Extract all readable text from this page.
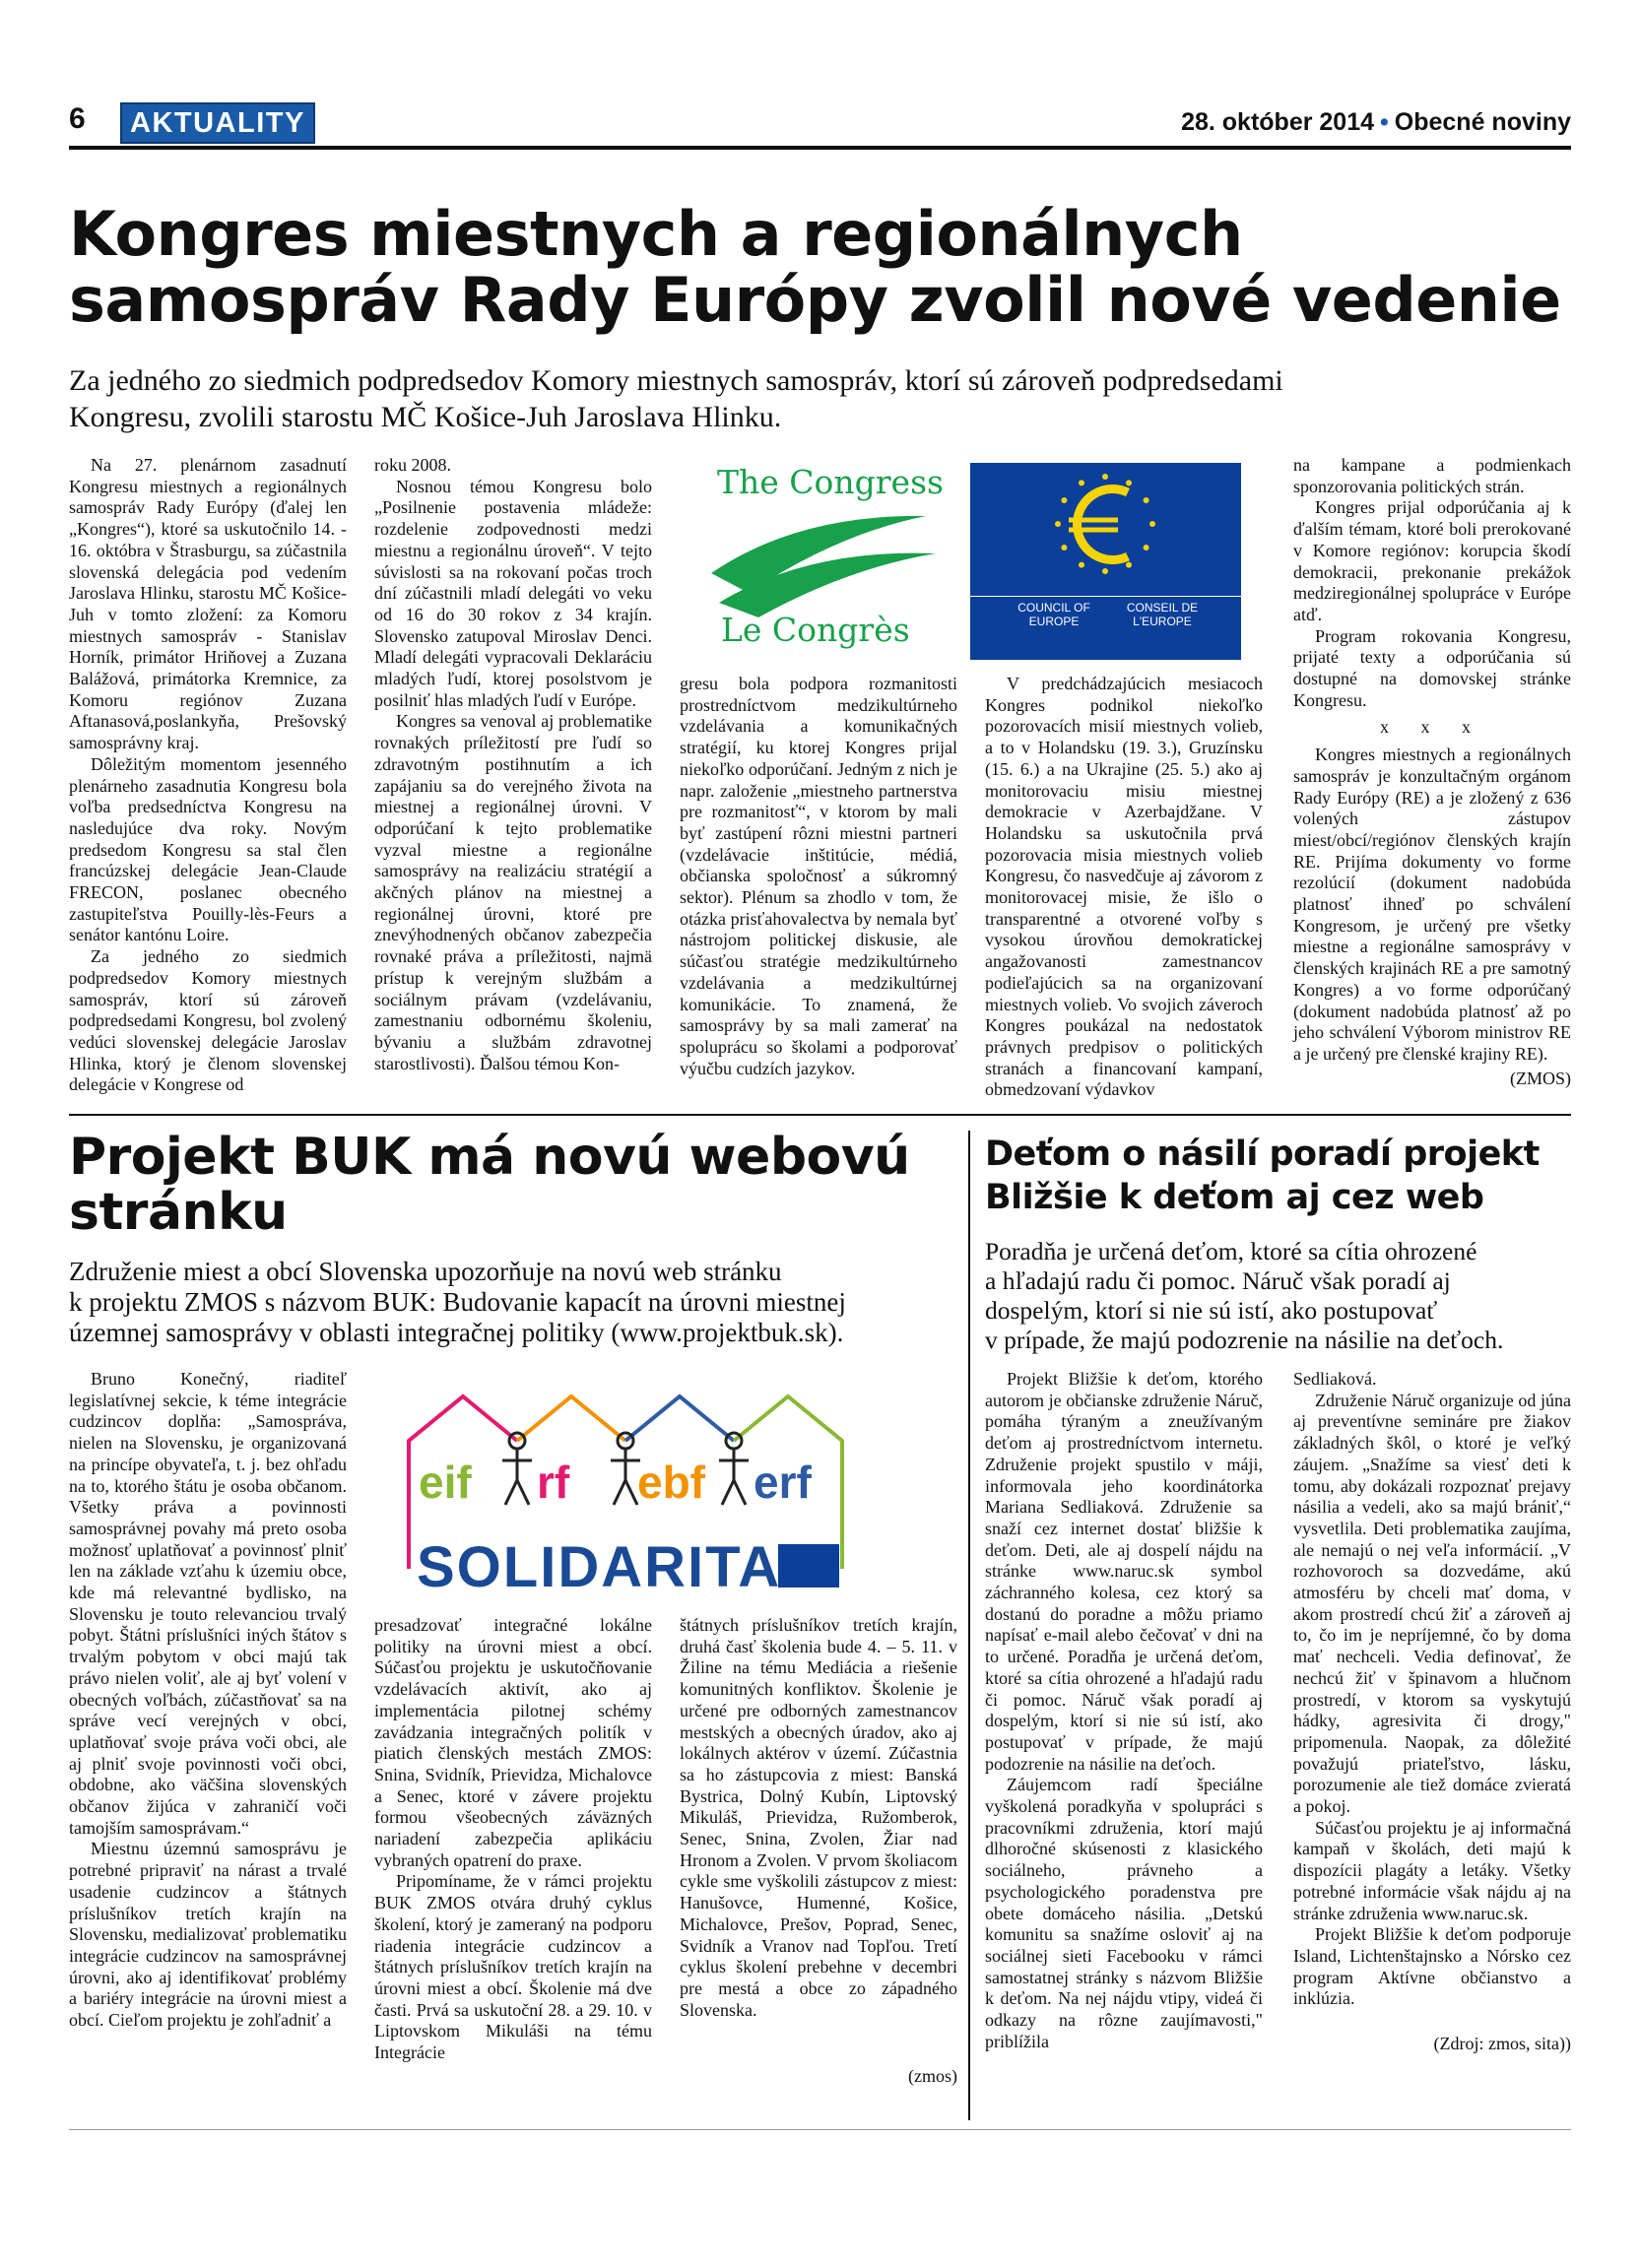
6	AKTUALITY	28. október 2014 • Obecné noviny
Kongres miestnych a regionálnych
samospráv Rady Európy zvolil nové vedenie
Za jedného zo siedmich podpredsedov Komory miestnych samospráv, ktorí sú zároveň podpredsedami
Kongresu, zvolili starostu MČ Košice-Juh Jaroslava Hlinku.

Na 27. plenárnom zasadnutí Kongresu miestnych a regionálnych samospráv Rady Európy (ďalej len „Kongres“), ktoré sa uskutočnilo 14. - 16. októbra v Štrasburgu, sa zúčastnila slovenská delegácia pod vedením Jaroslava Hlinku, starostu MČ Košice-Juh v tomto zložení: za Komoru miestnych samospráv - Stanislav Horník, primátor Hriňovej a Zuzana Balážová, primátorka Kremnice, za Komoru regiónov Zuzana Aftanasová,poslankyňa, Prešovský samosprávny kraj.

Dôležitým momentom jesenného plenárneho zasadnutia Kongresu bola voľba predsedníctva Kongresu na nasledujúce dva roky. Novým predsedom Kongresu sa stal člen francúzskej delegácie Jean-Claude FRECON, poslanec obecného zastupiteľstva Pouilly-lès-Feurs a senátor kantónu Loire.

Za jedného zo siedmich podpredsedov Komory miestnych samospráv, ktorí sú zároveň podpredsedami Kongresu, bol zvolený vedúci slovenskej delegácie Jaroslav Hlinka, ktorý je členom slovenskej delegácie v Kongrese od

roku 2008.

Nosnou témou Kongresu bolo „Posilnenie postavenia mládeže: rozdelenie zodpovednosti medzi miestnu a regionálnu úroveň“. V tejto súvislosti sa na rokovaní počas troch dní zúčastnili mladí delegáti vo veku od 16 do 30 rokov z 34 krajín. Slovensko zatupoval Miroslav Denci. Mladí delegáti vypracovali Deklaráciu mladých ľudí, ktorej posolstvom je posilniť hlas mladých ľudí v Európe.

Kongres sa venoval aj problematike rovnakých príležitostí pre ľudí so zdravotným postihnutím a ich zapájaniu sa do verejného života na miestnej a regionálnej úrovni. V odporúčaní k tejto problematike vyzval miestne a regionálne samosprávy na realizáciu stratégií a akčných plánov na miestnej a regionálnej úrovni, ktoré pre znevýhodnených občanov zabezpečia rovnaké práva a príležitosti, najmä prístup k verejným službám a sociálnym právam (vzdelávaniu, zamestnaniu odbornému školeniu, bývaniu a službám zdravotnej starostlivosti). Ďalšou témou Kon-

The Congress
Le Congrès
COUNCIL OF EUROPE
CONSEIL DE L'EUROPE

gresu bola podpora rozmanitosti prostredníctvom medzikultúrneho vzdelávania a komunikačných stratégií, ku ktorej Kongres prijal niekoľko odporúčaní. Jedným z nich je napr. založenie „miestneho partnerstva pre rozmanitosť“, v ktorom by mali byť zastúpení rôzni miestni partneri (vzdelávacie inštitúcie, médiá, občianska spoločnosť a súkromný sektor). Plénum sa zhodlo v tom, že otázka prisťahovalectva by nemala byť nástrojom politickej diskusie, ale súčasťou stratégie medzikultúrneho vzdelávania a medzikultúrnej komunikácie. To znamená, že samosprávy by sa mali zamerať na spoluprácu so školami a podporovať výučbu cudzích jazykov.

V predchádzajúcich mesiacoch Kongres podnikol niekoľko pozorovacích misií miestnych volieb, a to v Holandsku (19. 3.), Gruzínsku (15. 6.) a na Ukrajine (25. 5.) ako aj monitorovaciu misiu miestnej demokracie v Azerbajdžane. V Holandsku sa uskutočnila prvá pozorovacia misia miestnych volieb Kongresu, čo nasvedčuje aj závorom z monitorovacej misie, že išlo o transparentné a otvorené voľby s vysokou úrovňou demokratickej angažovanosti zamestnancov podieľajúcich sa na organizovaní miestnych volieb. Vo svojich záveroch Kongres poukázal na nedostatok právnych predpisov o politických stranách a financovaní kampaní, obmedzovaní výdavkov

na kampane a podmienkach sponzorovania politických strán.

Kongres prijal odporúčania aj k ďalším témam, ktoré boli prerokované v Komore regiónov: korupcia škodí demokracii, prekonanie prekážok medziregionálnej spolupráce v Európe atď.

Program rokovania Kongresu, prijaté texty a odporúčania sú dostupné na domovskej stránke Kongresu.

x x x

Kongres miestnych a regionálnych samospráv je konzultačným orgánom Rady Európy (RE) a je zložený z 636 volených zástupov miest/obcí/regiónov členských krajín RE. Prijíma dokumenty vo forme rezolúcií (dokument nadobúda platnosť ihneď po schválení Kongresom, je určený pre všetky miestne a regionálne samosprávy v členských krajinách RE a pre samotný Kongres) a vo forme odporúčaný (dokument nadobúda platnosť až po jeho schválení Výborom ministrov RE a je určený pre členské krajiny RE).

(ZMOS)

Projekt BUK má novú webovú
stránku
Združenie miest a obcí Slovenska upozorňuje na novú web stránku
k projektu ZMOS s názvom BUK: Budovanie kapacít na úrovni miestnej
územnej samosprávy v oblasti integračnej politiky (www.projektbuk.sk).

Bruno Konečný, riaditeľ legislatívnej sekcie, k téme integrácie cudzincov doplňa: „Samospráva, nielen na Slovensku, je organizovaná na princípe obyvateľa, t. j. bez ohľadu na to, ktorého štátu je osoba občanom. Všetky práva a povinnosti samosprávnej povahy má preto osoba možnosť uplatňovať a povinnosť plniť len na základe vzťahu k územiu obce, kde má relevantné bydlisko, na Slovensku je touto relevanciou trvalý pobyt. Štátni príslušníci iných štátov s trvalým pobytom v obci majú tak právo nielen voliť, ale aj byť volení v obecných voľbách, zúčastňovať sa na správe vecí verejných v obci, uplatňovať svoje práva voči obci, ale aj plniť svoje povinnosti voči obci, obdobne, ako väčšina slovenských občanov žijúca v zahraničí voči tamojším samosprávam.“

Miestnu územnú samosprávu je potrebné pripraviť na nárast a trvalé usadenie cudzincov a štátnych príslušníkov tretích krajín na Slovensku, medializovať problematiku integrácie cudzincov na samosprávnej úrovni, ako aj identifikovať problémy a bariéry integrácie na úrovni miest a obcí. Cieľom projektu je zohľadniť a

eif rf ebf erf
SOLIDARITA

presadzovať integračné lokálne politiky na úrovni miest a obcí. Súčasťou projektu je uskutočňovanie vzdelávacích aktivít, ako aj implementácia pilotnej schémy zavádzania integračných politík v piatich členských mestách ZMOS: Snina, Svidník, Prievidza, Michalovce a Senec, ktoré v závere projektu formou všeobecných záväzných nariadení zabezpečia aplikáciu vybraných opatrení do praxe.

Pripomíname, že v rámci projektu BUK ZMOS otvára druhý cyklus školení, ktorý je zameraný na podporu riadenia integrácie cudzincov a štátnych príslušníkov tretích krajín na úrovni miest a obcí. Školenie má dve časti. Prvá sa uskutoční 28. a 29. 10. v Liptovskom Mikuláši na tému Integrácie

štátnych príslušníkov tretích krajín, druhá časť školenia bude 4. – 5. 11. v Žiline na tému Mediácia a riešenie komunitných konfliktov. Školenie je určené pre odborných zamestnancov mestských a obecných úradov, ako aj lokálnych aktérov v území. Zúčastnia sa ho zástupcovia z miest: Banská Bystrica, Dolný Kubín, Liptovský Mikuláš, Prievidza, Ružomberok, Senec, Snina, Zvolen, Žiar nad Hronom a Zvolen. V prvom školiacom cykle sme vyškolili zástupcov z miest: Hanušovce, Humenné, Košice, Michalovce, Prešov, Poprad, Senec, Svidník a Vranov nad Topľou. Tretí cyklus školení prebehne v decembri pre mestá a obce zo západného Slovenska.

(zmos)

Deťom o násilí poradí projekt
Bližšie k deťom aj cez web
Poradňa je určená deťom, ktoré sa cítia ohrozené
a hľadajú radu či pomoc. Náruč však poradí aj
dospelým, ktorí si nie sú istí, ako postupovať
v prípade, že majú podozrenie na násilie na deťoch.

Projekt Bližšie k deťom, ktorého autorom je občianske združenie Náruč, pomáha týraným a zneužívaným deťom aj prostredníctvom internetu. Združenie projekt spustilo v máji, informovala jeho koordinátorka Mariana Sedliaková. Združenie sa snaží cez internet dostať bližšie k deťom. Deti, ale aj dospelí nájdu na stránke www.naruc.sk symbol záchranného kolesa, cez ktorý sa dostanú do poradne a môžu priamo napísať e-mail alebo čečovať v dni na to určené. Poradňa je určená deťom, ktoré sa cítia ohrozené a hľadajú radu či pomoc. Náruč však poradí aj dospelým, ktorí si nie sú istí, ako postupovať v prípade, že majú podozrenie na násilie na deťoch.

Záujemcom radí špeciálne vyškolená poradkyňa v spolupráci s pracovníkmi združenia, ktorí majú dlhoročné skúsenosti z klasického sociálneho, právneho a psychologického poradenstva pre obete domáceho násilia. „Detskú komunitu sa snažíme osloviť aj na sociálnej sieti Facebooku v rámci samostatnej stránky s názvom Bližšie k deťom. Na nej nájdu vtipy, videá či odkazy na rôzne zaujímavosti," priblížila

Sedliaková.

Združenie Náruč organizuje od júna aj preventívne semináre pre žiakov základných škôl, o ktoré je veľký záujem. „Snažíme sa viesť deti k tomu, aby dokázali rozpoznať prejavy násilia a vedeli, ako sa majú brániť,“ vysvetlila. Deti problematika zaujíma, ale nemajú o nej veľa informácií. „V rozhovoroch sa dozvedáme, akú atmosféru by chceli mať doma, v akom prostredí chcú žiť a zároveň aj to, čo im je nepríjemné, čo by doma mať nechceli. Vedia definovať, že nechcú žiť v špinavom a hlučnom prostredí, v ktorom sa vyskytujú hádky, agresivita či drogy," pripomenula. Naopak, za dôležité považujú priateľstvo, lásku, porozumenie ale tiež domáce zvieratá a pokoj.

Súčasťou projektu je aj informačná kampaň v školách, deti majú k dispozícii plagáty a letáky. Všetky potrebné informácie však nájdu aj na stránke združenia www.naruc.sk.

Projekt Bližšie k deťom podporuje Island, Lichtenštajnsko a Nórsko cez program Aktívne občianstvo a inklúzia.

(Zdroj: zmos, sita))
